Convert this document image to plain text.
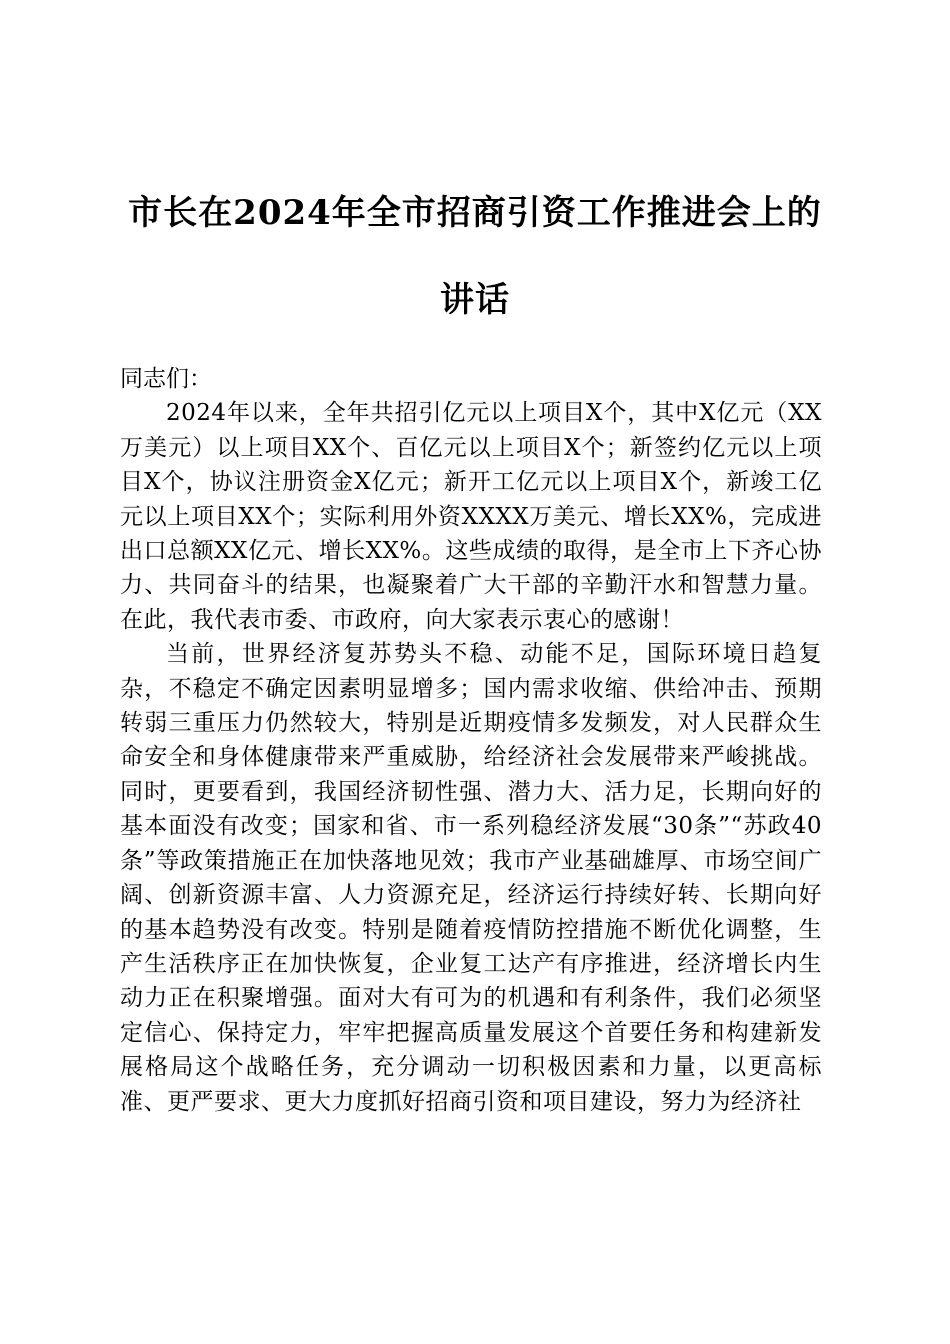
市长在2024年全市招商引资工作推进会上的
讲话

同志们：

2024年以来，全年共招引亿元以上项目X个，其中X亿元（XX万美元）以上项目XX个、百亿元以上项目X个；新签约亿元以上项目X个，协议注册资金X亿元；新开工亿元以上项目X个，新竣工亿元以上项目XX个；实际利用外资XXXX万美元、增长XX%，完成进出口总额XX亿元、增长XX%。这些成绩的取得，是全市上下齐心协力、共同奋斗的结果，也凝聚着广大干部的辛勤汗水和智慧力量。在此，我代表市委、市政府，向大家表示衷心的感谢！

当前，世界经济复苏势头不稳、动能不足，国际环境日趋复杂，不稳定不确定因素明显增多；国内需求收缩、供给冲击、预期转弱三重压力仍然较大，特别是近期疫情多发频发，对人民群众生命安全和身体健康带来严重威胁，给经济社会发展带来严峻挑战。同时，更要看到，我国经济韧性强、潜力大、活力足，长期向好的基本面没有改变；国家和省、市一系列稳经济发展“30条”“苏政40条”等政策措施正在加快落地见效；我市产业基础雄厚、市场空间广阔、创新资源丰富、人力资源充足，经济运行持续好转、长期向好的基本趋势没有改变。特别是随着疫情防控措施不断优化调整，生产生活秩序正在加快恢复，企业复工达产有序推进，经济增长内生动力正在积聚增强。面对大有可为的机遇和有利条件，我们必须坚定信心、保持定力，牢牢把握高质量发展这个首要任务和构建新发展格局这个战略任务，充分调动一切积极因素和力量，以更高标准、更严要求、更大力度抓好招商引资和项目建设，努力为经济社
